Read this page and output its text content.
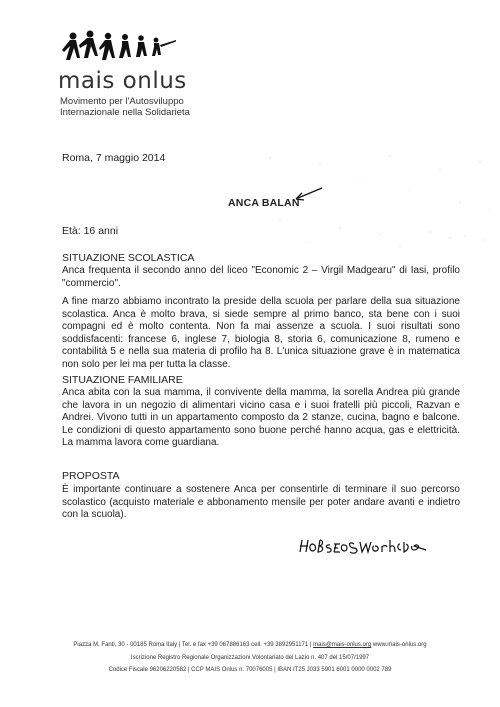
mais onlus
Movimento per l'Autosviluppo
Internazionale nella Solidarieta
Roma, 7 maggio 2014
ANCA BALAN
Età: 16 anni
SITUAZIONE SCOLASTICA

Anca frequenta il secondo anno del liceo "Economic 2 – Virgil Madgearu" di Iasi, profilo "commercio".

A fine marzo abbiamo incontrato la preside della scuola per parlare della sua situazione scolastica. Anca è molto brava, si siede sempre al primo banco, sta bene con i suoi compagni ed è molto contenta. Non fa mai assenze a scuola. I suoi risultati sono soddisfacenti: francese 6, inglese 7, biologia 8, storia 6, comunicazione 8, rumeno e contabilità 5 e nella sua materia di profilo ha 8. L'unica situazione grave è in matematica non solo per lei ma per tutta la classe.

SITUAZIONE FAMILIARE

Anca abita con la sua mamma, il convivente della mamma, la sorella Andrea più grande che lavora in un negozio di alimentari vicino casa e i suoi fratelli più piccoli, Razvan e Andrei. Vivono tutti in un appartamento composto da 2 stanze, cucina, bagno e balcone. Le condizioni di questo appartamento sono buone perché hanno acqua, gas e elettricità. La mamma lavora come guardiana.

PROPOSTA

È importante continuare a sostenere Anca per consentirle di terminare il suo percorso scolastico (acquisto materiale e abbonamento mensile per poter andare avanti e indietro con la scuola).

Piazza M. Fanti, 30 - 00185 Roma Italy | Tel. e fax +39 067886163 cell. +39 3892951171 | mais@mais-onlus.org www.mais-onlus.org
Iscrizione Registro Regionale Organizzazioni Volontariato del Lazio n. 407 del 15/07/1997
Codice Fiscale 96206220582 | CCP MAIS Onlus n. 70076005 | IBAN IT25 J033 5901 6001 0000 0002 789
